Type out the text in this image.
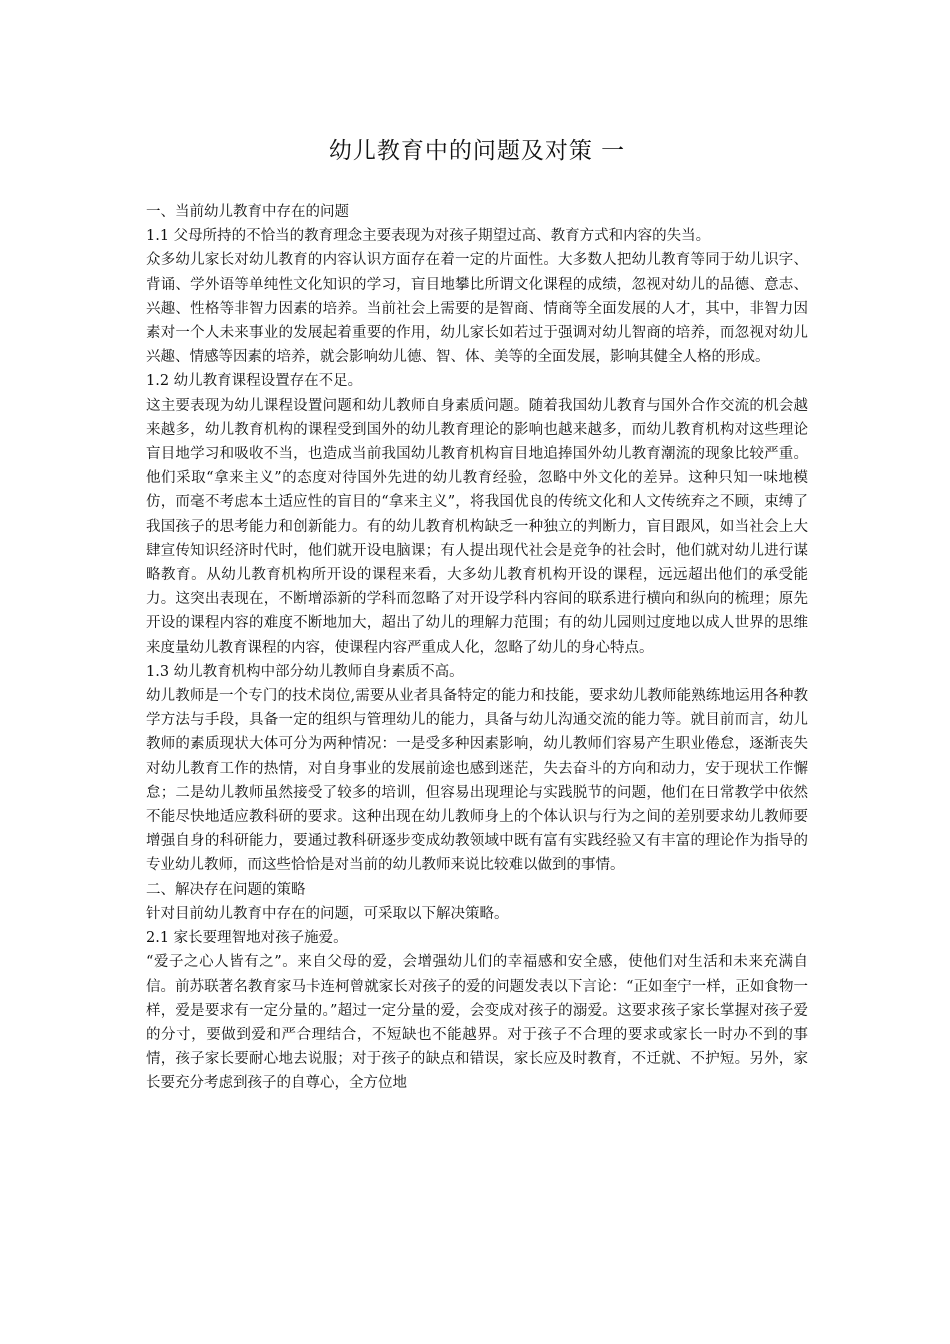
幼儿教育中的问题及对策 一

一、当前幼儿教育中存在的问题

1.1 父母所持的不恰当的教育理念主要表现为对孩子期望过高、教育方式和内容的失当。

众多幼儿家长对幼儿教育的内容认识方面存在着一定的片面性。大多数人把幼儿教育等同于幼儿识字、背诵、学外语等单纯性文化知识的学习，盲目地攀比所谓文化课程的成绩，忽视对幼儿的品德、意志、兴趣、性格等非智力因素的培养。当前社会上需要的是智商、情商等全面发展的人才，其中，非智力因素对一个人未来事业的发展起着重要的作用，幼儿家长如若过于强调对幼儿智商的培养，而忽视对幼儿兴趣、情感等因素的培养，就会影响幼儿德、智、体、美等的全面发展，影响其健全人格的形成。

1.2 幼儿教育课程设置存在不足。

这主要表现为幼儿课程设置问题和幼儿教师自身素质问题。随着我国幼儿教育与国外合作交流的机会越来越多，幼儿教育机构的课程受到国外的幼儿教育理论的影响也越来越多，而幼儿教育机构对这些理论盲目地学习和吸收不当，也造成当前我国幼儿教育机构盲目地追捧国外幼儿教育潮流的现象比较严重。他们采取“拿来主义”的态度对待国外先进的幼儿教育经验，忽略中外文化的差异。这种只知一味地模仿，而毫不考虑本土适应性的盲目的“拿来主义”，将我国优良的传统文化和人文传统弃之不顾，束缚了我国孩子的思考能力和创新能力。有的幼儿教育机构缺乏一种独立的判断力，盲目跟风，如当社会上大肆宣传知识经济时代时，他们就开设电脑课；有人提出现代社会是竞争的社会时，他们就对幼儿进行谋略教育。从幼儿教育机构所开设的课程来看，大多幼儿教育机构开设的课程，远远超出他们的承受能力。这突出表现在，不断增添新的学科而忽略了对开设学科内容间的联系进行横向和纵向的梳理；原先开设的课程内容的难度不断地加大，超出了幼儿的理解力范围；有的幼儿园则过度地以成人世界的思维来度量幼儿教育课程的内容，使课程内容严重成人化，忽略了幼儿的身心特点。

1.3 幼儿教育机构中部分幼儿教师自身素质不高。

幼儿教师是一个专门的技术岗位,需要从业者具备特定的能力和技能，要求幼儿教师能熟练地运用各种教学方法与手段，具备一定的组织与管理幼儿的能力，具备与幼儿沟通交流的能力等。就目前而言，幼儿教师的素质现状大体可分为两种情况：一是受多种因素影响，幼儿教师们容易产生职业倦怠，逐渐丧失对幼儿教育工作的热情，对自身事业的发展前途也感到迷茫，失去奋斗的方向和动力，安于现状工作懈怠；二是幼儿教师虽然接受了较多的培训，但容易出现理论与实践脱节的问题，他们在日常教学中依然不能尽快地适应教科研的要求。这种出现在幼儿教师身上的个体认识与行为之间的差别要求幼儿教师要增强自身的科研能力，要通过教科研逐步变成幼教领域中既有富有实践经验又有丰富的理论作为指导的专业幼儿教师，而这些恰恰是对当前的幼儿教师来说比较难以做到的事情。

二、解决存在问题的策略

针对目前幼儿教育中存在的问题，可采取以下解决策略。

2.1 家长要理智地对孩子施爱。

“爱子之心人皆有之”。来自父母的爱，会增强幼儿们的幸福感和安全感，使他们对生活和未来充满自信。前苏联著名教育家马卡连柯曾就家长对孩子的爱的问题发表以下言论：“正如奎宁一样，正如食物一样，爱是要求有一定分量的。”超过一定分量的爱，会变成对孩子的溺爱。这要求孩子家长掌握对孩子爱的分寸，要做到爱和严合理结合，不短缺也不能越界。对于孩子不合理的要求或家长一时办不到的事情，孩子家长要耐心地去说服；对于孩子的缺点和错误，家长应及时教育，不迁就、不护短。另外，家长要充分考虑到孩子的自尊心，全方位地
